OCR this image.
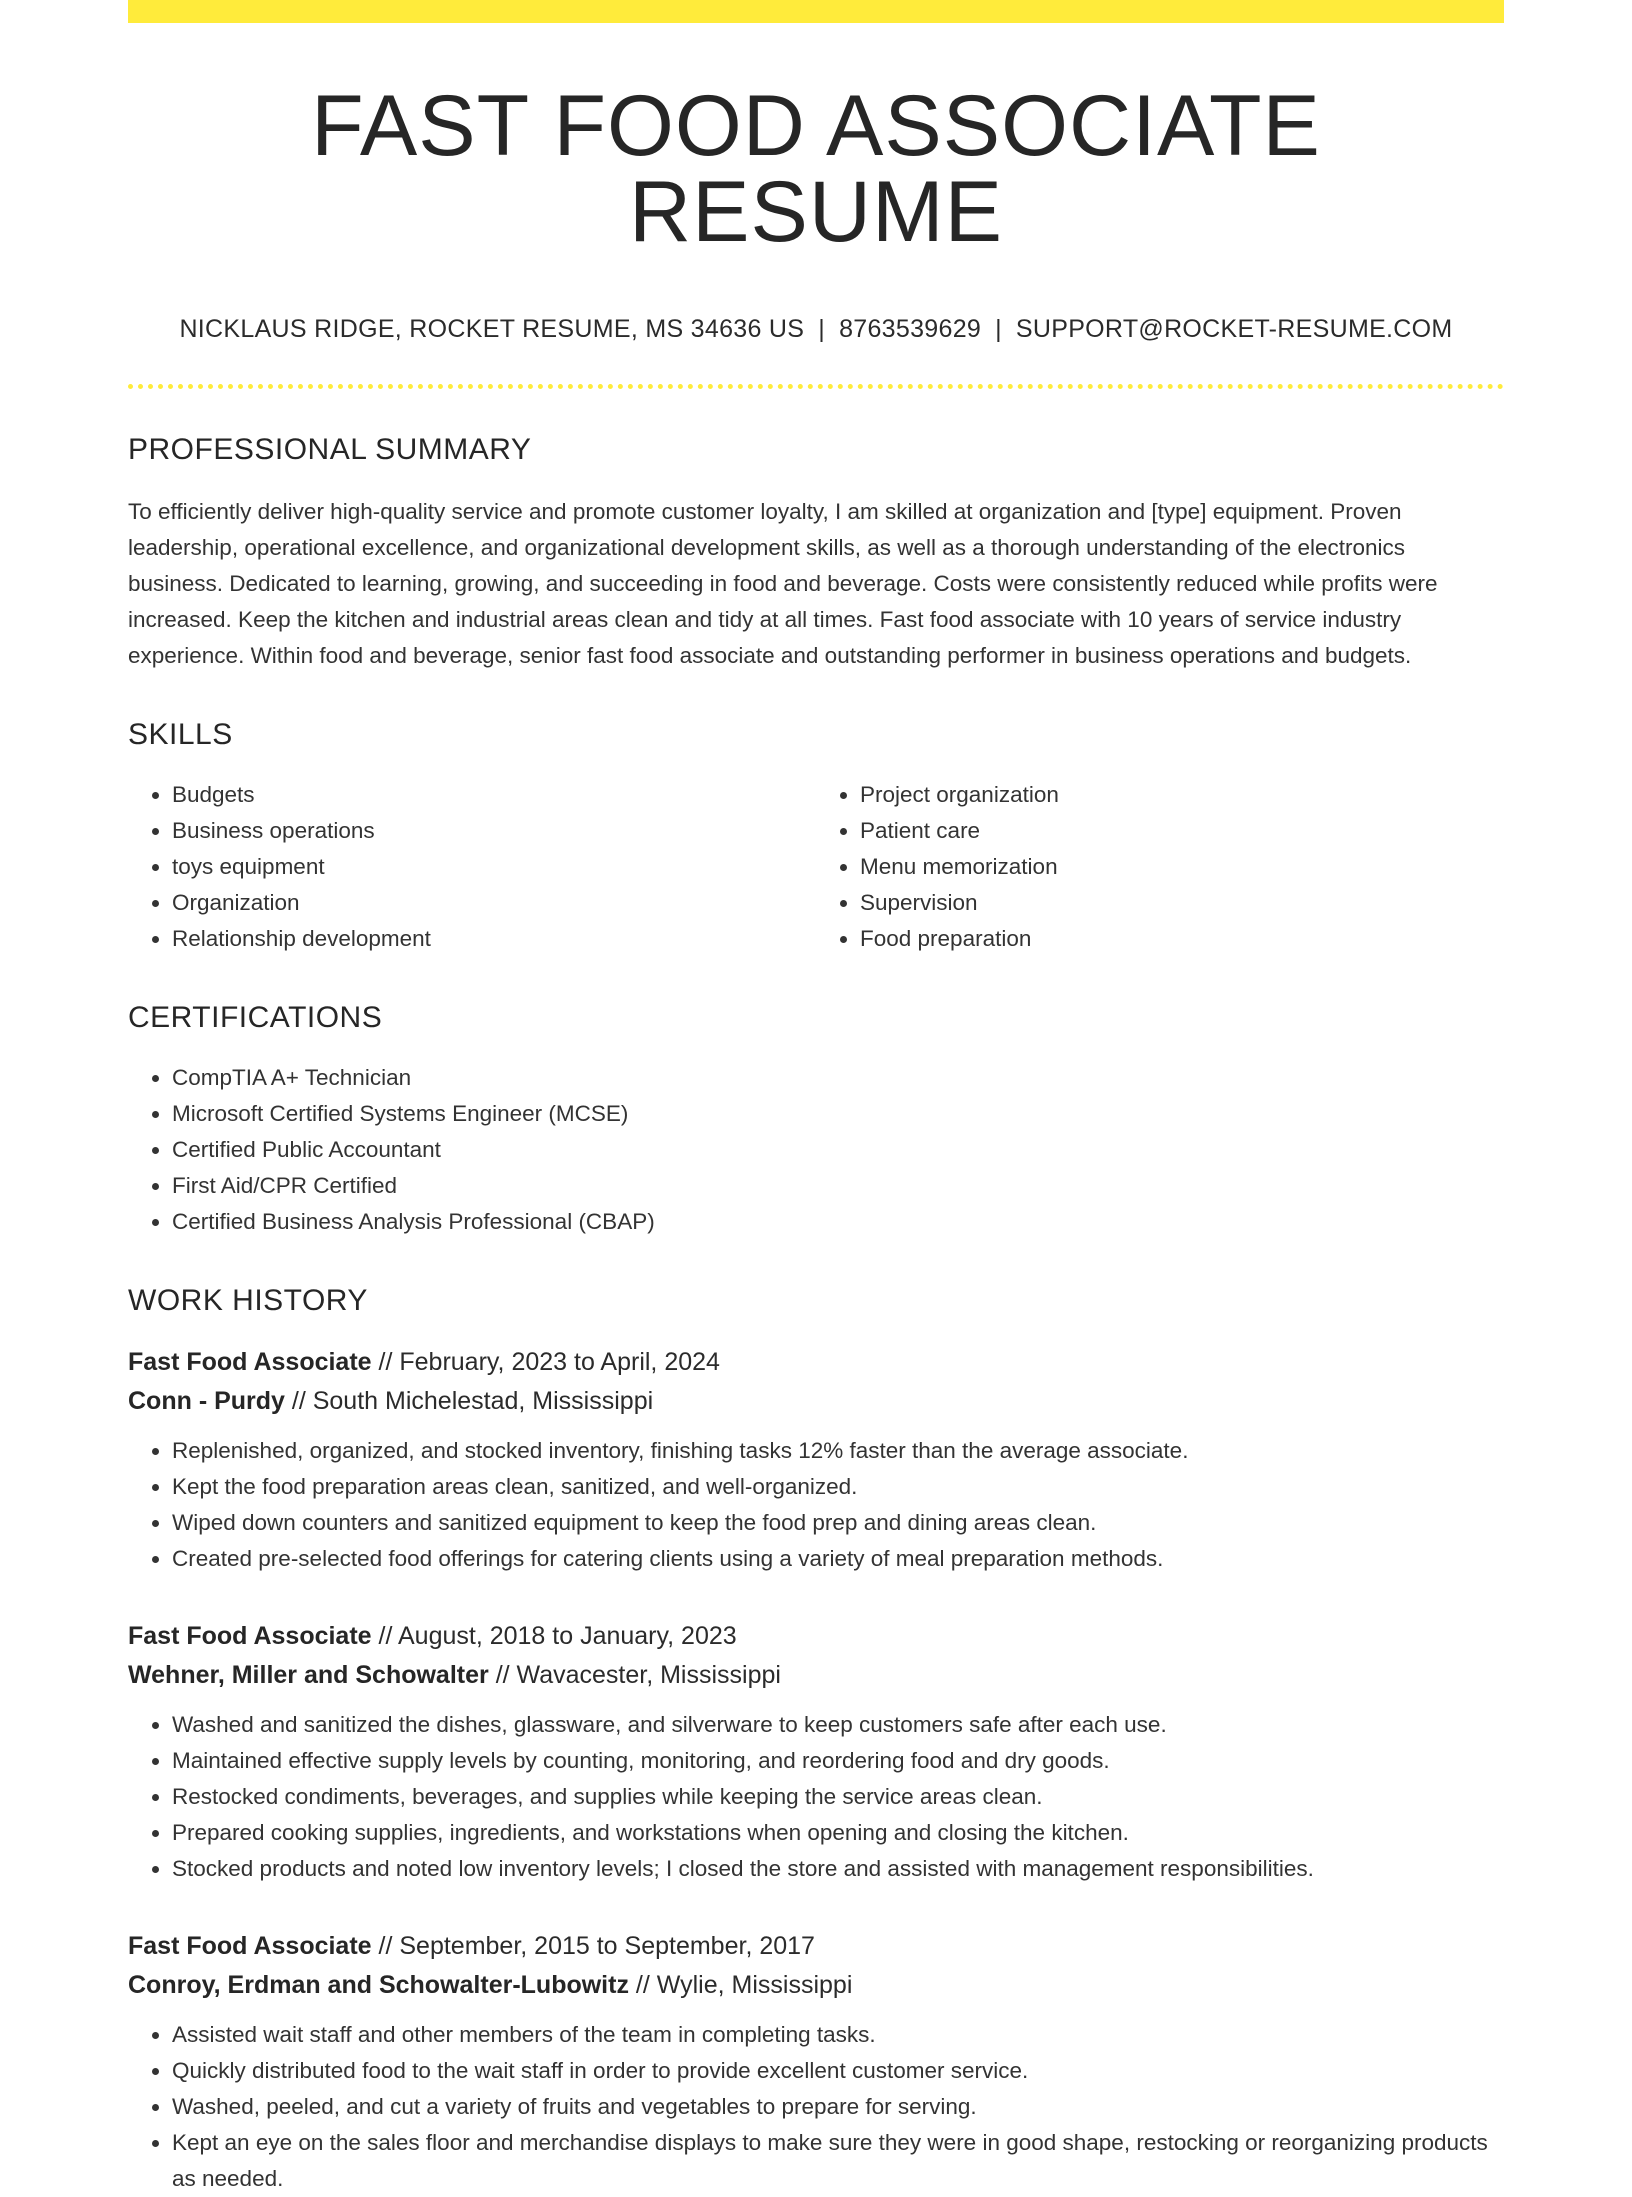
FAST FOOD ASSOCIATE RESUME
NICKLAUS RIDGE, ROCKET RESUME, MS 34636 US | 8763539629 | SUPPORT@ROCKET-RESUME.COM
PROFESSIONAL SUMMARY

To efficiently deliver high-quality service and promote customer loyalty, I am skilled at organization and [type] equipment. Proven leadership, operational excellence, and organizational development skills, as well as a thorough understanding of the electronics business. Dedicated to learning, growing, and succeeding in food and beverage. Costs were consistently reduced while profits were increased. Keep the kitchen and industrial areas clean and tidy at all times. Fast food associate with 10 years of service industry experience. Within food and beverage, senior fast food associate and outstanding performer in business operations and budgets.

SKILLS
• Budgets
• Business operations
• toys equipment
• Organization
• Relationship development
• Project organization
• Patient care
• Menu memorization
• Supervision
• Food preparation
CERTIFICATIONS
• CompTIA A+ Technician
• Microsoft Certified Systems Engineer (MCSE)
• Certified Public Accountant
• First Aid/CPR Certified
• Certified Business Analysis Professional (CBAP)
WORK HISTORY
Fast Food Associate // February, 2023 to April, 2024
Conn - Purdy // South Michelestad, Mississippi
• Replenished, organized, and stocked inventory, finishing tasks 12% faster than the average associate.
• Kept the food preparation areas clean, sanitized, and well-organized.
• Wiped down counters and sanitized equipment to keep the food prep and dining areas clean.
• Created pre-selected food offerings for catering clients using a variety of meal preparation methods.
Fast Food Associate // August, 2018 to January, 2023
Wehner, Miller and Schowalter // Wavacester, Mississippi
• Washed and sanitized the dishes, glassware, and silverware to keep customers safe after each use.
• Maintained effective supply levels by counting, monitoring, and reordering food and dry goods.
• Restocked condiments, beverages, and supplies while keeping the service areas clean.
• Prepared cooking supplies, ingredients, and workstations when opening and closing the kitchen.
• Stocked products and noted low inventory levels; I closed the store and assisted with management responsibilities.
Fast Food Associate // September, 2015 to September, 2017
Conroy, Erdman and Schowalter-Lubowitz // Wylie, Mississippi
• Assisted wait staff and other members of the team in completing tasks.
• Quickly distributed food to the wait staff in order to provide excellent customer service.
• Washed, peeled, and cut a variety of fruits and vegetables to prepare for serving.
• Kept an eye on the sales floor and merchandise displays to make sure they were in good shape, restocking or reorganizing products as needed.
